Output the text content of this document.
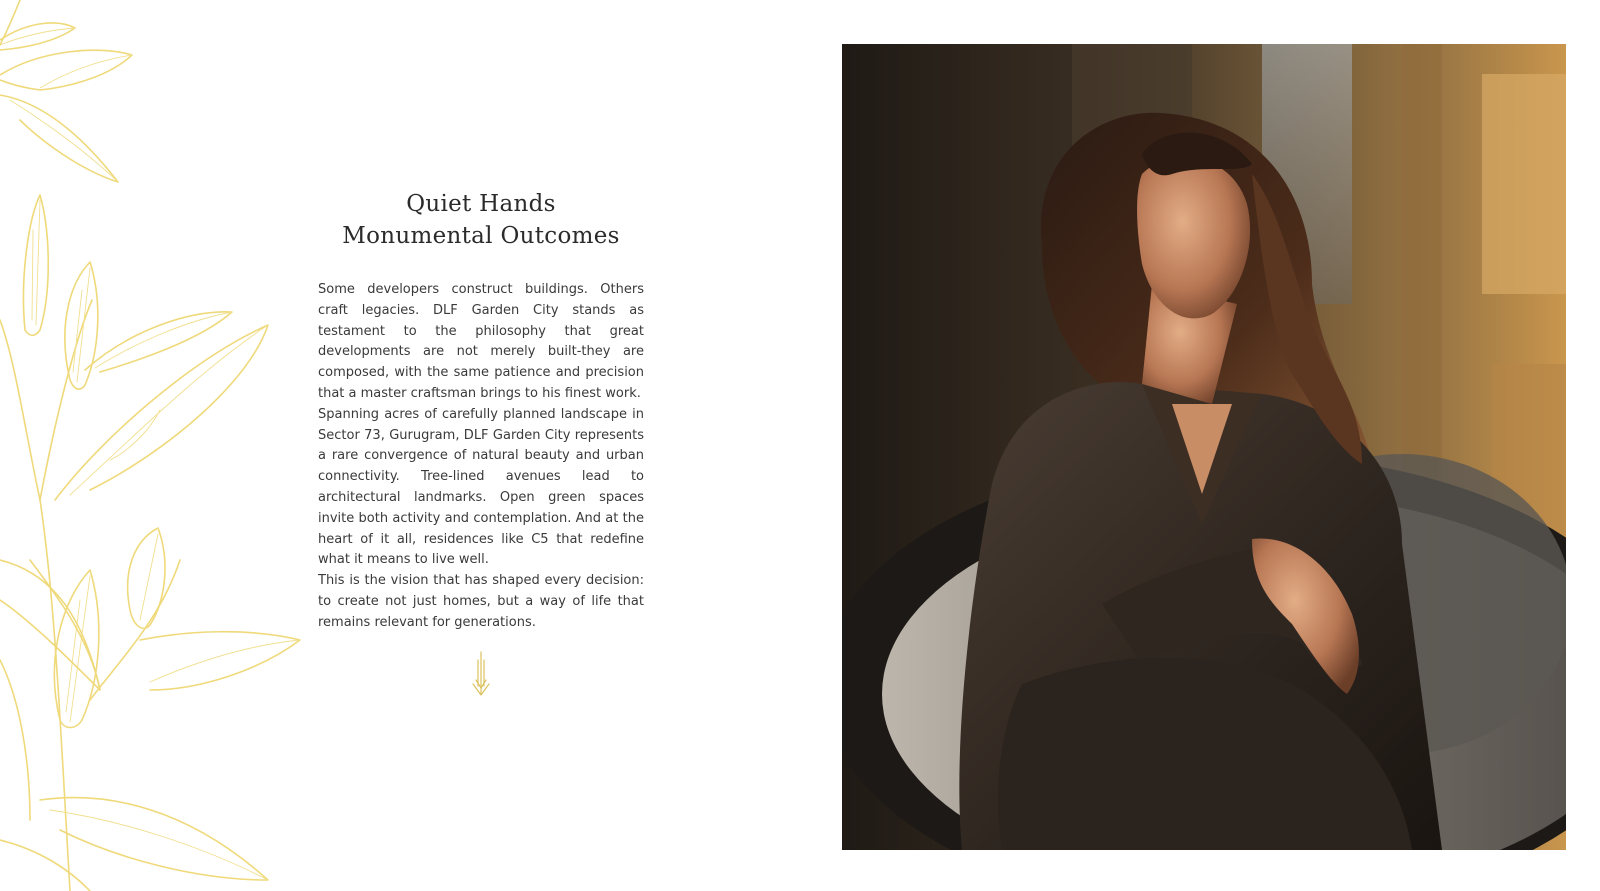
Quiet Hands
Monumental Outcomes

Some developers construct buildings. Others craft legacies. DLF Garden City stands as testament to the philosophy that great developments are not merely built-they are composed, with the same patience and precision that a master craftsman brings to his finest work.

Spanning acres of carefully planned landscape in Sector 73, Gurugram, DLF Garden City represents a rare convergence of natural beauty and urban connectivity. Tree-lined avenues lead to architectural landmarks. Open green spaces invite both activity and contemplation. And at the heart of it all, residences like C5 that redefine what it means to live well.

This is the vision that has shaped every decision: to create not just homes, but a way of life that remains relevant for generations.
